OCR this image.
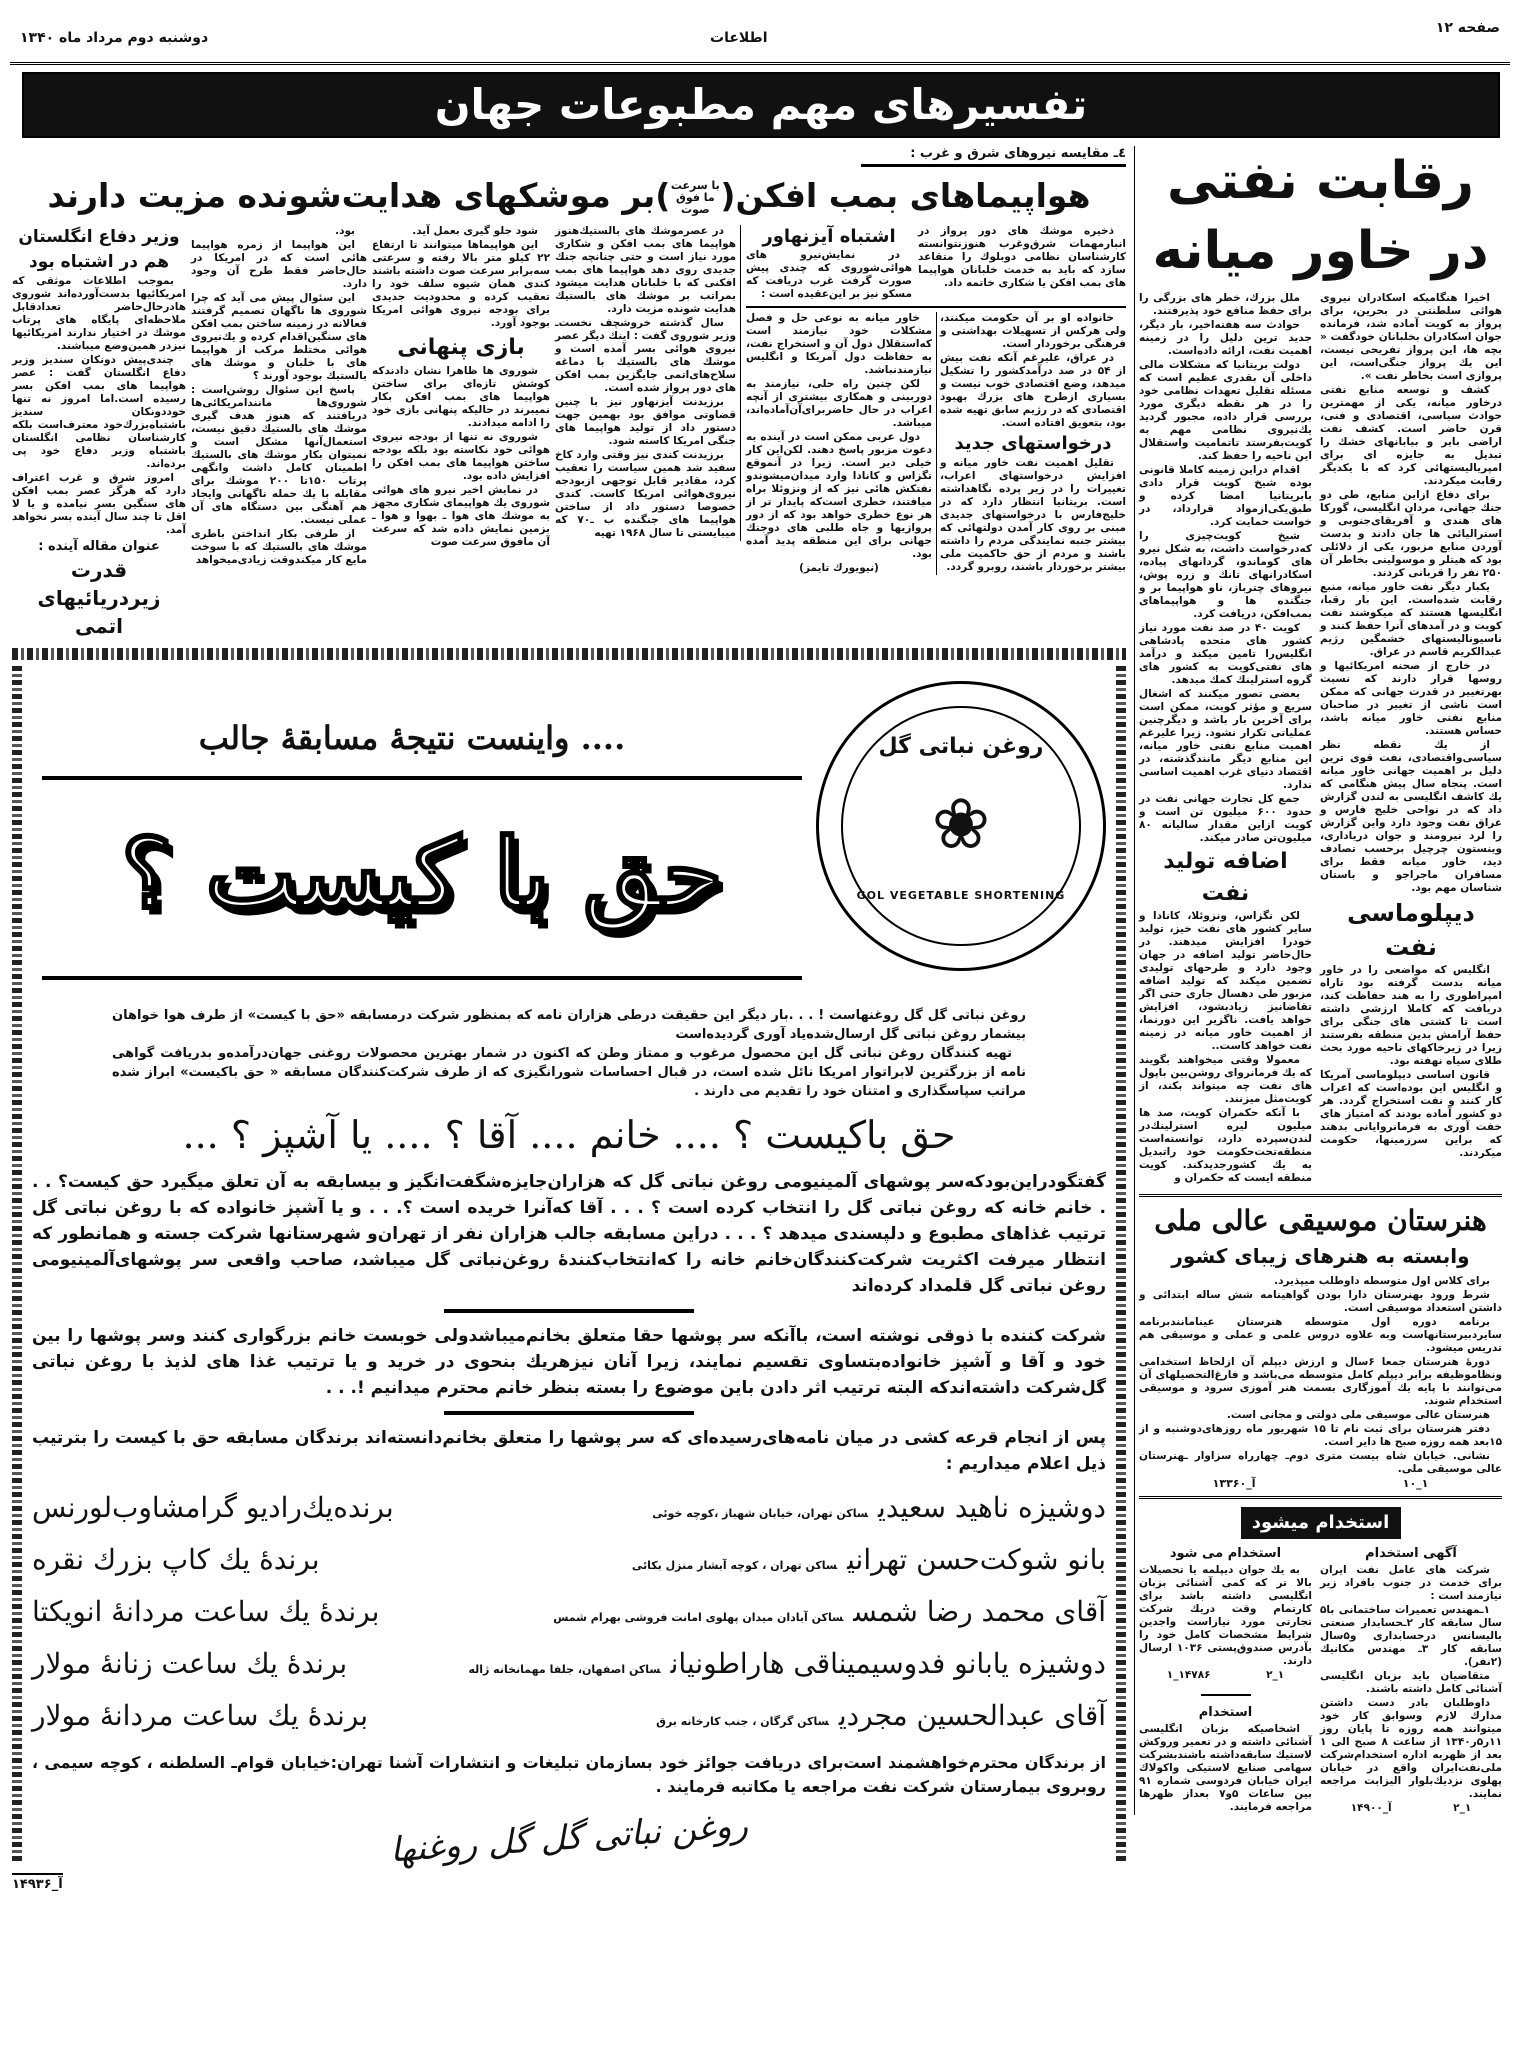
دوشنبه دوم مرداد ماه ۱۳۴۰	اطلاعات
صفحه ۱۲
تفسیرهای مهم مطبوعات جهان
رقابت نفتی
در خاور میانه

اخیرا هنگامیکه اسکادران نیروی هوائی سلطنتی در بحرین، برای پرواز به کویت آماده شد، فرمانده جوان اسکادران بخلبانان خودگفت « بچه ها، این پرواز تفریحی نیست، این یك پرواز جنگی‌است، این پروازی است بخاطر نفت ».

کشف و توسعه منابع نفتی درخاور میانه، یکی از مهمترین حوادث سیاسی، اقتصادی و فنی، قرن حاضر است. کشف نفت اراضی بایر و بیابانهای خشك را تبدیل به جایزه ای برای امپریالیستهائی کرد که با یکدیگر رقابت میکردند.

برای دفاع ازاین منابع، طی دو جنك جهانی، مردان انگلیسی، گورکا های هندی و آفریقای‌جنوبی و استرالیائی ها جان دادند و بدست آوردن منابع مزبور، یکی از دلائلی بود که هیتلر و موسولینی بخاطر آن ۲۵۰ نفر را قربانی کردند.

یکبار دیگر نفت خاور میانه، منبع رقابت شده‌است. این بار رقبا، انگلیسها هستند که میکوشند نفت کویت و در آمدهای آنرا حفظ کنند و ناسیونالیستهای خشمگین رژیم عبدالکریم قاسم در عراق.

در خارج از صحنه امریکائیها و روسها قرار دارند که نسبت بهرتغییر در قدرت جهانی که ممکن است ناشی از تغییر در صاحبان منابع نفتی خاور میانه باشد، حساس هستند.

از یك نقطه نظر سیاسی‌واقتصادی، نفت قوی ترین دلیل بر اهمیت جهانی خاور میانه است. پنجاه سال پیش هنگامی که یك کاشف انگلیسی به لندن گزارش داد که در نواحی خلیج فارس و عراق نفت وجود دارد واین گزارش را لرد نیرومند و جوان دریاداری، وینستون چرچیل برحسب تصادف دید، خاور میانه فقط برای مسافران ماجراجو و باستان شناسان مهم بود.

دیپلوماسی نفت

انگلیس که مواضعی را در خاور میانه بدست گرفته بود تاراه امپراطوری را به هند حفاظت کند، دریافت که کاملا ارزشی داشته است تا کشتی های جنگی برای حفظ آرامش بدین منطقه بفرستند زیرا در زیرخاکهای ناحیه مورد بحث طلای سیاه نهفته بود.

قانون اساسی دیپلوماسی آمریکا و انگلیس این بوده‌است که اعراب کار کنند و نفت استخراج گردد. هر دو کشور آماده بودند که امتیاز های خفت آوری به فرمانروایانی بدهند که براین سرزمینها، حکومت میکردند.

ملل بزرك، خطر های بزرگی را برای حفظ منافع خود پذیرفتند.

حوادث سه هفته‌اخیر، بار دیگر، جدید ترین دلیل را در زمینه اهمیت نفت، ارائه داده‌است.

دولت بریتانیا که مشکلات مالی داخلی آن بقدری عظیم است که مسئله تقلیل تعهدات نظامی خود را در هر نقطه دیگری مورد بررسی قرار داده، مجبور گردید یك‌نیروی نظامی مهم به کویت‌بفرستد تاتمامیت واستقلال این ناحیه را حفظ کند.

اقدام دراین زمینه کاملا قانونی بوده شیخ کویت قرار دادی بابریتانیا امضا کرده و طبق‌یکی‌ازمواد قرارداد، در خواست حمایت کرد.

شیخ کویت‌چیزی را که‌درخواست داشت، به شکل نیرو های کوماندو، گردانهای پیاده، اسکادرانهای تانك و زره پوش، نیروهای چترباز، ناو هواپیما بر و جنگنده ها و هواپیماهای بمب‌افکن، دریافت کرد.

کویت ۴۰ در صد نفت مورد نیاز کشور های متحده پادشاهی انگلیس‌را تامین میکند و درآمد های نفتی‌کویت به کشور های گروه استرلینك کمك میدهد.

بعضی تصور میکنند که اشغال سریع و مؤثر کویت، ممکن است برای آخرین بار باشد و دیگرچنین عملیاتی تکرار نشود. زیرا علیرغم اهمیت منابع نفتی خاور میانه، این منابع دیگر مانندگذشته، در اقتصاد دنیای غرب اهمیت اساسی ندارد.

جمع کل تجارت جهانی نفت در حدود ۶۰۰ میلیون تن است و کویت ازاین مقدار سالیانه ۸۰ میلیون‌تن صادر میکند.

اضافه تولید نفت

لکن تگزاس، ونزوئلا، کانادا و سایر کشور های نفت خیز، تولید خودرا افزایش میدهند. در حال‌حاضر تولید اضافه در جهان وجود دارد و طرحهای تولیدی تضمین میکند که تولید اضافه مزبور طی دهسال جاری حتی اگر تقاضانیز زیادبشود، افزایش خواهد یافت. ناگزیر این دورنما، از اهمیت خاور میانه در زمینه نفت خواهد کاست..

معمولا وقتی میخواهند بگویند که یك فرمانروای روشن‌بین باپول های نفت چه میتواند بکند، از کویت‌مثل میزنند.

با آنکه حکمران کویت، صد ها میلیون لیره استرلینك‌در لندن‌سپرده دارد، توانسته‌است منطقه‌تحت‌حکومت خود راتبدیل به یك کشورجدیدکند. کویت منطقه ایست که حکمران و

هنرستان موسیقی عالی ملی
وابسته به هنرهای زیبای کشور

برای کلاس اول متوسطه داوطلب میپذیرد.

شرط ورود بهنرستان دارا بودن گواهینامه شش ساله ابتدائی و داشتن استعداد موسیقی است.

برنامه دوره اول متوسطه هنرستان عینامانندبرنامه سایردبیرستانهاست وبه علاوه دروس علمی و عملی و موسیقی هم تدریس میشود.

دورهٔ هنرستان جمعا ۶سال و ارزش دیپلم آن ازلحاظ استخدامی ونظاموظیفه برابر دیپلم کامل متوسطه می‌باشد و فارغ‌التحصیلهای آن می‌توانند با پایه یك آموزگاری بسمت هنر آموزی سرود و موسیقی استخدام شوند.

هنرستان عالی موسیقی ملی دولتی و مجانی است.

دفتر هنرستان برای ثبت نام تا ۱۵ شهریور ماه روزهای‌دوشنبه و از ۱۵بعد همه روزه صبح ها دایر است.

نشانی. خیابان شاه بیست متری دوم‌ـ چهارراه سزاوار ـهنرستان عالی موسیقی ملی.

۱_۱۰
آ_۱۳۳۶۰
استخدام میشود
آگهی استخدام

شرکت های عامل نفت ایران برای خدمت در جنوب بافراد زیر نیازمند است :

۱ـمهندس تعمیرات ساختمانی با۵ سال سابقه کار ۲ـحسابدار صنعتی بالیسانس درحسابداری و۵سال سابقه کار ۳ـ مهندس مکانیك (۲نفر).

متقاضیان باید بزبان انگلیسی آشنائی کامل داشته باشند.

داوطلبان بادر دست داشتن مدارك لازم وسوابق کار خود میتوانند همه روزه تا پایان روز ۱۱ر۵ر۱۳۴۰ از ساعت ۸ صبح الی ۱ بعد از ظهربه اداره استخدام‌شرکت ملی‌نفت‌ایران واقع در خیابان پهلوی نزدیك‌بلوار الیزابت مراجعه نمایند.

۱_۲
آ_۱۴۹۰۰
استخدام می شود

به یك جوان دیپلمه یا تحصیلات بالا تر که کمی آشنائی بزبان انگلیسی داشته باشد برای کارتمام وقت دریك شرکت تجارتی مورد نیازاست واجدین شرایط مشخصات کامل خود را بآدرس صندوق‌پستی ۱۰۳۶ ارسال دارند.

۱_۲
۱۴۷۸۶_۱
استخدام

اشخاصیکه بزبان انگلیسی آشنائی داشته و در تعمیر وروکش لاستیك سابقه‌داشته باشندبشرکت سهامی صنایع لاستیکی واکولاك ایران خیابان فردوسی شماره ۹۱ بین ساعات ۵و۷ بعداز ظهرها مراجعه فرمایند.

٤ـ مقایسه نیروهای شرق و غرب :
هواپیماهای بمب افکن(با سرعت ما فوق صوت)بر موشکهای هدایت‌شونده مزیت دارند

ذخیره موشك های دور پرواز در انبارمهمات شرق‌وغرب هنوزنتوانسته کارشناسان نظامی دوبلوك را متقاعد سازد که باید به خدمت خلبانان هواپیما های بمب افکن یا شکاری خاتمه داد.

اشتباه آیزنهاور

در نمایش‌نیرو های هوائی‌شوروی که چندی پیش صورت گرفت غرب دریافت که مسکو نیز بر این‌عقیده است :

خانواده او بر آن حکومت میکنند، ولی هرکس از تسهیلات بهداشتی و فرهنگی برخوردار است.

در عراق، علیرغم آنکه نفت بیش از ۵۴ در صد درآمدکشور را تشکیل میدهد، وضع اقتصادی خوب نیست و بسیاری ازطرح های بزرك بهبود اقتصادی که در رژیم سابق تهیه شده بود، بتعویق افتاده است.

درخواستهای جدید

تقلیل اهمیت نفت خاور میانه و افزایش درخواستهای اعراب، تغییرات را در زیر پرده نگاهداشته است. بریتانیا انتظار دارد که در خلیج‌فارس با درخواستهای جدیدی مبنی بر روی کار آمدن دولتهائی که بیشتر جنبه نمایندگی مردم را داشته باشند و مردم از حق حاکمیت ملی بیشتر برخوردار باشند، روبرو گردد.

خاور میانه به نوعی حل و فصل مشکلات خود نیازمند است که‌استقلال دول آن و استخراج نفت، به حفاظت دول آمریکا و انگلیس نیازمندنباشد.

لکن چنین راه حلی، نیازمند به دوربینی و همکاری بیشتری از آنچه اعراب در حال حاضربرای‌آن‌آماده‌اند، میباشد.

دول عربی ممکن است در آینده به دعوت مزبور پاسخ دهند. لکن‌این کار خیلی دیر است. زیرا در آنموقع تگزاس و کانادا وارد میدان‌میشوندو نفتکش هائی نیز که از ونزوئلا براه میافتند، خطری است‌که پایدار تر از هر نوع خطری خواهد بود که از دور پروازیها و جاه طلبی های دوجنك جهانی برای این منطقه پدید آمده بود.

(نیویورك تایمز)

در عصرموشك های بالستیك‌هنوز هواپیما های بمب افکن و شکاری مورد نیاز است و حتی چنانچه جنك جدیدی روی دهد هواپیما های بمب افکنی که با خلبانان هدایت میشود بمراتب بر موشك های بالستیك هدایت شونده مزیت دارد.

سال گذشته خروشچف نخست‌ـ وزیر شوروی گفت : اینك دیگر عصر نیروی هوائی بسر آمده است و موشك های بالستیك با دماغه سلاح‌های‌اتمی جایگزین بمب افکن های دور پرواز شده است.

برزیدنت آیزنهاور نیز با چنین قضاوتی موافق بود بهمین جهت دستور داد از تولید هواپیما های جنگی امریکا کاسته شود.

برزیدنت کندی نیز وقتی وارد کاخ سفید شد همین سیاست را تعقیب کرد، مقادیر قابل توجهی ازبودجه نیروی‌هوائی امریکا کاست. کندی خصوصا دستور داد از ساختن هواپیما های جنگنده ب ـ۷۰ که میبایستی تا سال ۱۹۶۸ تهیه

شود جلو گیری بعمل آید.

این هواپیماها میتوانند تا ارتفاع ۲۲ کیلو متر بالا رفته و سرعتی سه‌برابر سرعت صوت داشته باشند کندی همان شیوه سلف خود را تعقیب کرده و محدودیت جدیدی برای بودجه نیروی هوائی امریکا بوجود آورد.

بازی پنهانی

شوروی ها ظاهرا نشان دادندکه کوشش تازه‌ای برای ساختن هواپیما های بمب افکن بکار نمیبرند در حالیکه پنهانی بازی خود را ادامه میدادند.

شوروی نه تنها از بودجه نیروی هوائی خود نکاسته بود بلکه بودجه ساختن هواپیما های بمب افکن را افزایش داده بود.

در نمایش اخیر نیرو های هوائی شوروی یك هواپیمای شکاری مجهز به موشك های هوا ـ بهوا و هوا ـ بزمین نمایش داده شد که سرعت آن مافوق سرعت صوت

بود.

این هواپیما از زمره هواپیما هائی است که در امریکا در حال‌حاضر فقط طرح آن وجود دارد.

این سئوال پیش می آید که چرا شوروی ها ناگهان تصمیم گرفتند فعالانه در زمینه ساختن بمب افکن های سنگین‌اقدام کرده و یك‌نیروی هوائی مختلط مرکب از هواپیما های با خلبان و موشك های بالستیك بوجود آورند ؟

پاسخ این سئوال روشن‌است : شوروی‌ها مانندامریکائی‌ها دریافتند که هنوز هدف گیری موشك های بالستیك دقیق نیست، استعمال‌آنها مشکل است و نمیتوان بکار موشك های بالستیك اطمینان کامل داشت وانگهی پرتاب ۱۵۰تا ۲۰۰ موشك برای مقابله با یك حمله ناگهانی وایجاد هم آهنگی بین دستگاه های آن عملی نیست.

از طرفی بکار انداختن باطری موشك های بالستیك که با سوخت مایع کار میکندوقت زیادی‌میخواهد

وزیر دفاع انگلستان
هم در اشتباه بود

بموجب اطلاعات موثقی که امریکائیها بدست‌آورده‌اند شوروی هادرحال‌حاضر تعدادقابل ملاحظه‌ای پایگاه های پرتاب موشك در اختیار ندارند امریکائیها نیزدر همین‌وضع میباشند.

چندی‌پیش دونکان سندیز وزیر دفاع انگلستان گفت : عصر هواپیما های بمب افکن بسر رسیده است.اما امروز نه تنها خوددونکان سندیز باشتباه‌بزرك‌خود معترف‌است بلکه کارشناسان نظامی انگلستان باشتباه وزیر دفاع خود پی برده‌اند.

امروز شرق و غرب اعتراف دارد که هرگز عصر بمب افکن های سنگین بسر نیامده و یا لا اقل تا چند سال آینده بسر نخواهد آمد.

عنوان مقاله آینده :
قدرت زیردریائیهای اتمی
.... واینست نتیجهٔ مسابقهٔ جالب
حق با کیست ؟
روغن نباتی گل
❀
GOL VEGETABLE SHORTENING

روغن نباتی گل گل روغنهاست ! . . .بار دیگر این حقیقت درطی هزاران نامه که بمنظور شرکت درمسابقه «حق با کیست» از طرف هوا خواهان بیشمار روغن نباتی گل ارسال‌شده‌یاد آوری گردیده‌است

تهیه کنندگان روغن نباتی گل این محصول مرغوب و ممتاز وطن که اکنون در شمار بهترین محصولات روغنی جهان‌درآمده‌و بدریافت گواهی نامه از بزرگترین لابراتوار امریکا نائل شده است، در قبال احساسات شورانگیزی که از طرف شرکت‌کنندگان مسابقه « حق باکیست» ابراز شده مراتب سپاسگذاری و امتنان خود را تقدیم می دارند .

حق باکیست ؟ .... خانم .... آقا ؟ .... یا آشپز ؟ ...
گفتگودراین‌بودکه‌سر پوشهای آلمینیومی روغن نباتی گل که هزاران‌جایزه‌شگفت‌انگیز و بیسابقه به آن تعلق میگیرد حق کیست؟ . . . خانم خانه که روغن نباتی گل را انتخاب کرده است ؟ . . . آقا که‌آنرا خریده است ؟. . . و یا آشپز خانواده که با روغن نباتی گل ترتیب غذاهای مطبوع و دلپسندی میدهد ؟ . . . دراین مسابقه جالب هزاران نفر از تهران‌و شهرستانها شرکت جسته و همانطور که انتظار میرفت اکثریت شرکت‌کنندگان‌خانم خانه را که‌انتخاب‌کنندهٔ روغن‌نباتی گل میباشد، صاحب واقعی سر پوشهای‌آلمینیومی روغن نباتی گل قلمداد کرده‌اند
شرکت کننده با ذوقی نوشته است، باآنکه سر پوشها حقا متعلق بخانم‌میباشدولی خوبست خانم بزرگواری کنند وسر پوشها را بین خود و آقا و آشپز خانواده‌بتساوی تقسیم نمایند، زیرا آنان نیزهریك بنحوی در خرید و یا ترتیب غذا های لذیذ با روغن نباتی گل‌شرکت داشته‌اندکه البته ترتیب اثر دادن باین موضوع را بسته بنظر خانم محترم میدانیم !. . .
پس از انجام قرعه کشی در میان نامه‌های‌رسیده‌ای که سر پوشها را متعلق بخانم‌دانسته‌اند برندگان مسابقه حق با کیست را بترتیب ذیل اعلام میداریم :
دوشیزه ناهید سعیدیساکن تهران، خیابان شهباز ،کوچه خوئی
برنده‌یك‌رادیو گرامشاوب‌لورنس
بانو شوکت‌حسن تهرانیساکن تهران ، کوچه آبشار منزل بکائی
برندهٔ یك کاپ بزرك نقره
آقای محمد رضا شمسساکن آبادان میدان پهلوی امانت فروشی بهرام شمس
برندهٔ یك ساعت مردانهٔ انویکتا
دوشیزه یابانو فدوسیمیناقی هاراطونیانساکن اصفهان، جلفا مهمانخانه ژاله
برندهٔ یك ساعت زنانهٔ مولار
آقای عبدالحسین مجردیساکن گرگان ، جنب کارخانه برق
برندهٔ یك ساعت مردانهٔ مولار
از برندگان محترم‌خواهشمند است‌برای دریافت جوائز خود بسازمان تبلیغات و انتشارات آشنا تهران:خیابان قوام‌ـ السلطنه ، کوچه سیمی ، روبروی بیمارستان شرکت نفت مراجعه یا مکاتبه فرمایند .
روغن نباتی گل گل روغنها
آ_۱۴۹۳۶
